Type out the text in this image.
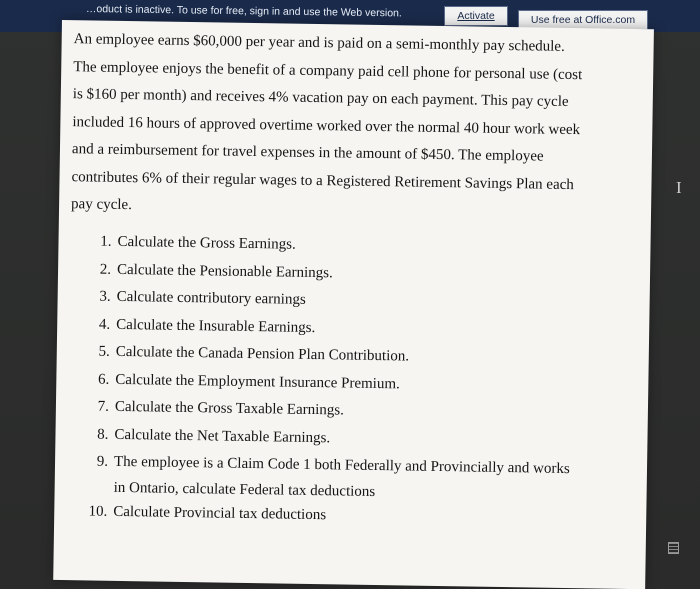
…oduct is inactive. To use for free, sign in and use the Web version.	Activate	Use free at Office.com
An employee earns $60,000 per year and is paid on a semi-monthly pay schedule.
The employee enjoys the benefit of a company paid cell phone for personal use (cost
is $160 per month) and receives 4% vacation pay on each payment. This pay cycle
included 16 hours of approved overtime worked over the normal 40 hour work week
and a reimbursement for travel expenses in the amount of $450. The employee
contributes 6% of their regular wages to a Registered Retirement Savings Plan each
pay cycle.
1. Calculate the Gross Earnings.
2. Calculate the Pensionable Earnings.
3. Calculate contributory earnings
4. Calculate the Insurable Earnings.
5. Calculate the Canada Pension Plan Contribution.
6. Calculate the Employment Insurance Premium.
7. Calculate the Gross Taxable Earnings.
8. Calculate the Net Taxable Earnings.
9. The employee is a Claim Code 1 both Federally and Provincially and works
in Ontario, calculate Federal tax deductions
10. Calculate Provincial tax deductions
I
